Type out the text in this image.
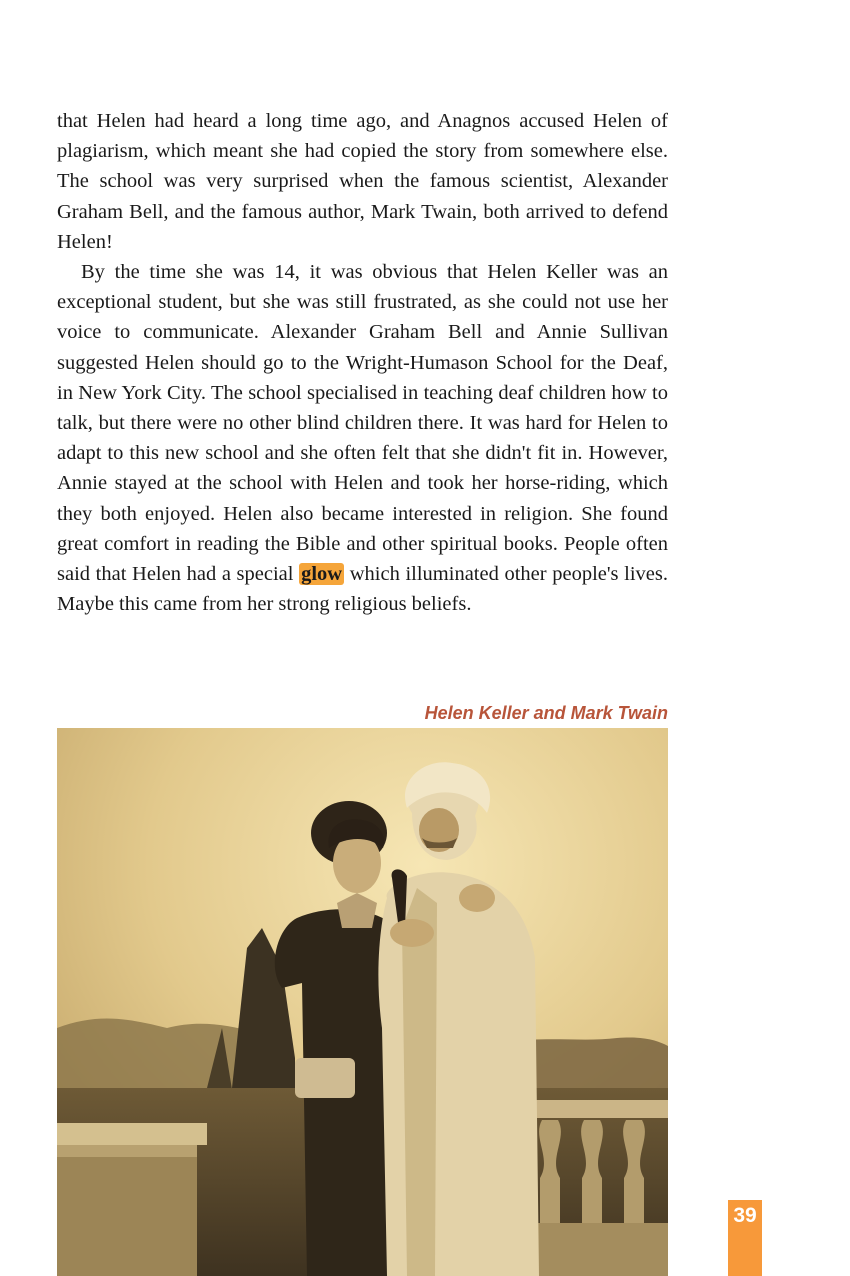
that Helen had heard a long time ago, and Anagnos accused Helen of plagiarism, which meant she had copied the story from somewhere else. The school was very surprised when the famous scientist, Alexander Graham Bell, and the famous author, Mark Twain, both arrived to defend Helen!

By the time she was 14, it was obvious that Helen Keller was an exceptional student, but she was still frustrated, as she could not use her voice to communicate. Alexander Graham Bell and Annie Sullivan suggested Helen should go to the Wright-Humason School for the Deaf, in New York City. The school specialised in teaching deaf children how to talk, but there were no other blind children there. It was hard for Helen to adapt to this new school and she often felt that she didn't fit in. However, Annie stayed at the school with Helen and took her horse-riding, which they both enjoyed. Helen also became interested in religion. She found great comfort in reading the Bible and other spiritual books. People often said that Helen had a special glow which illuminated other people's lives. Maybe this came from her strong religious beliefs.

Helen Keller and Mark Twain
39
